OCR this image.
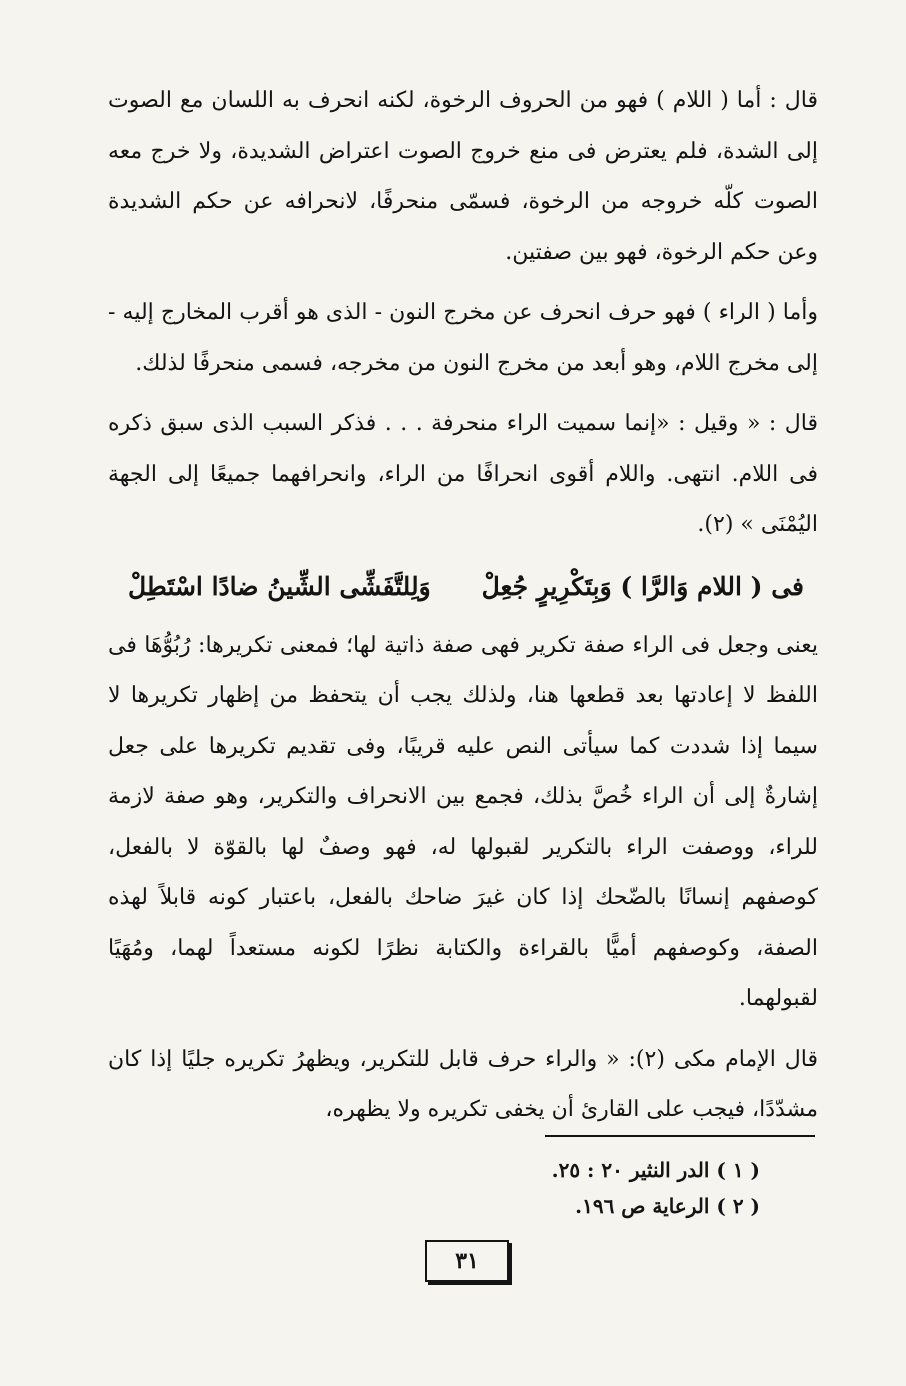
قال : أما ( اللام ) فهو من الحروف الرخوة، لكنه انحرف به اللسان مع الصوت إلى الشدة، فلم يعترض فى منع خروج الصوت اعتراض الشديدة، ولا خرج معه الصوت كلّه خروجه من الرخوة، فسمّى منحرفًا، لانحرافه عن حكم الشديدة وعن حكم الرخوة، فهو بين صفتين.

وأما ( الراء ) فهو حرف انحرف عن مخرج النون - الذى هو أقرب المخارج إليه - إلى مخرج اللام، وهو أبعد من مخرج النون من مخرجه، فسمى منحرفًا لذلك.

قال : « وقيل : «إنما سميت الراء منحرفة . . . فذكر السبب الذى سبق ذكره فى اللام. انتهى. واللام أقوى انحرافًا من الراء، وانحرافهما جميعًا إلى الجهة اليُمْنَى » (٢).

فى ( اللام وَالرَّا ) وَبِتَكْرِيرٍ جُعِلْ
وَلِلتَّفَشِّى الشِّينُ ضادًا اسْتَطِلْ

يعنى وجعل فى الراء صفة تكرير فهى صفة ذاتية لها؛ فمعنى تكريرها: رُبُوُّهَا فى اللفظ لا إعادتها بعد قطعها هنا، ولذلك يجب أن يتحفظ من إظهار تكريرها لا سيما إذا شددت كما سيأتى النص عليه قريبًا، وفى تقديم تكريرها على جعل إشارةٌ إلى أن الراء خُصَّ بذلك، فجمع بين الانحراف والتكرير، وهو صفة لازمة للراء، ووصفت الراء بالتكرير لقبولها له، فهو وصفٌ لها بالقوّة لا بالفعل، كوصفهم إنسانًا بالضّحك إذا كان غيرَ ضاحك بالفعل، باعتبار كونه قابلاً لهذه الصفة، وكوصفهم أميًّا بالقراءة والكتابة نظرًا لكونه مستعداً لهما، ومُهَيًا لقبولهما.

قال الإمام مكى (٢): « والراء حرف قابل للتكرير، ويظهرُ تكريره جليًا إذا كان مشدّدًا، فيجب على القارئ أن يخفى تكريره ولا يظهره،

( ١ ) الدر النثير ٢٠ : ٢٥.
( ٢ ) الرعاية ص ١٩٦.
٣١
